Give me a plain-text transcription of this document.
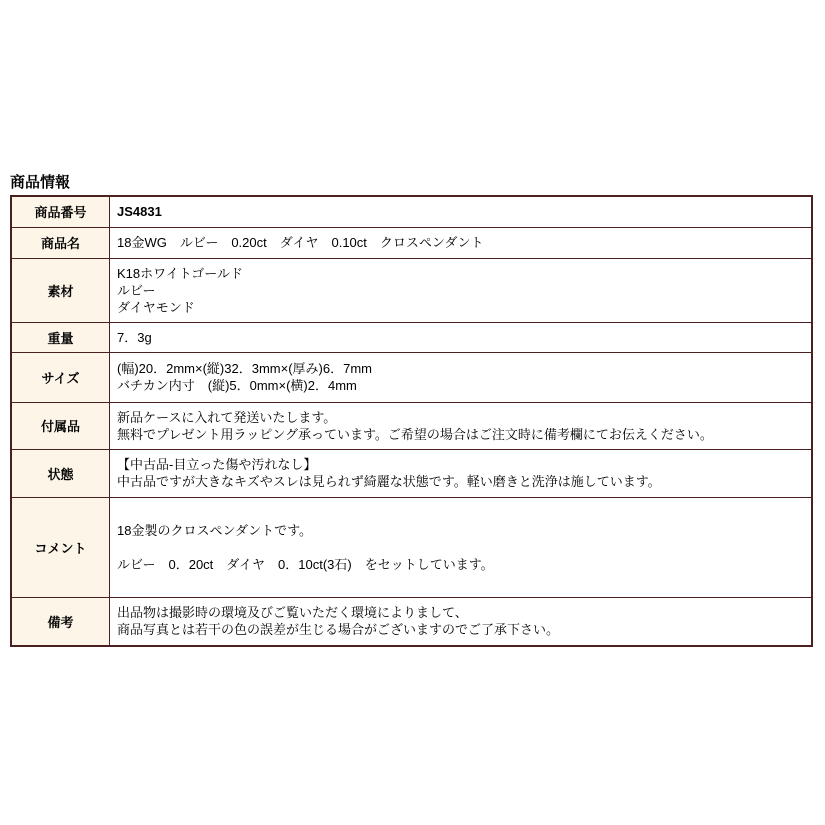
商品情報
商品番号	JS4831

商品名	18金WG　ルビー　0.20ct　ダイヤ　0.10ct　クロスペンダント

素材	K18ホワイトゴールド
ルビー
ダイヤモンド

重量	7．3g

サイズ	(幅)20．2mm×(縦)32．3mm×(厚み)6．7mm
バチカン内寸　(縦)5．0mm×(横)2．4mm

付属品	新品ケースに入れて発送いたします。
無料でプレゼント用ラッピング承っています。ご希望の場合はご注文時に備考欄にてお伝えください。

状態	【中古品-目立った傷や汚れなし】
中古品ですが大きなキズやスレは見られず綺麗な状態です。軽い磨きと洗浄は施しています。

コメント	18金製のクロスペンダントです。
ルビー　0．20ct　ダイヤ　0．10ct(3石)　をセットしています。

備考	出品物は撮影時の環境及びご覧いただく環境によりまして、
商品写真とは若干の色の誤差が生じる場合がございますのでご了承下さい。
